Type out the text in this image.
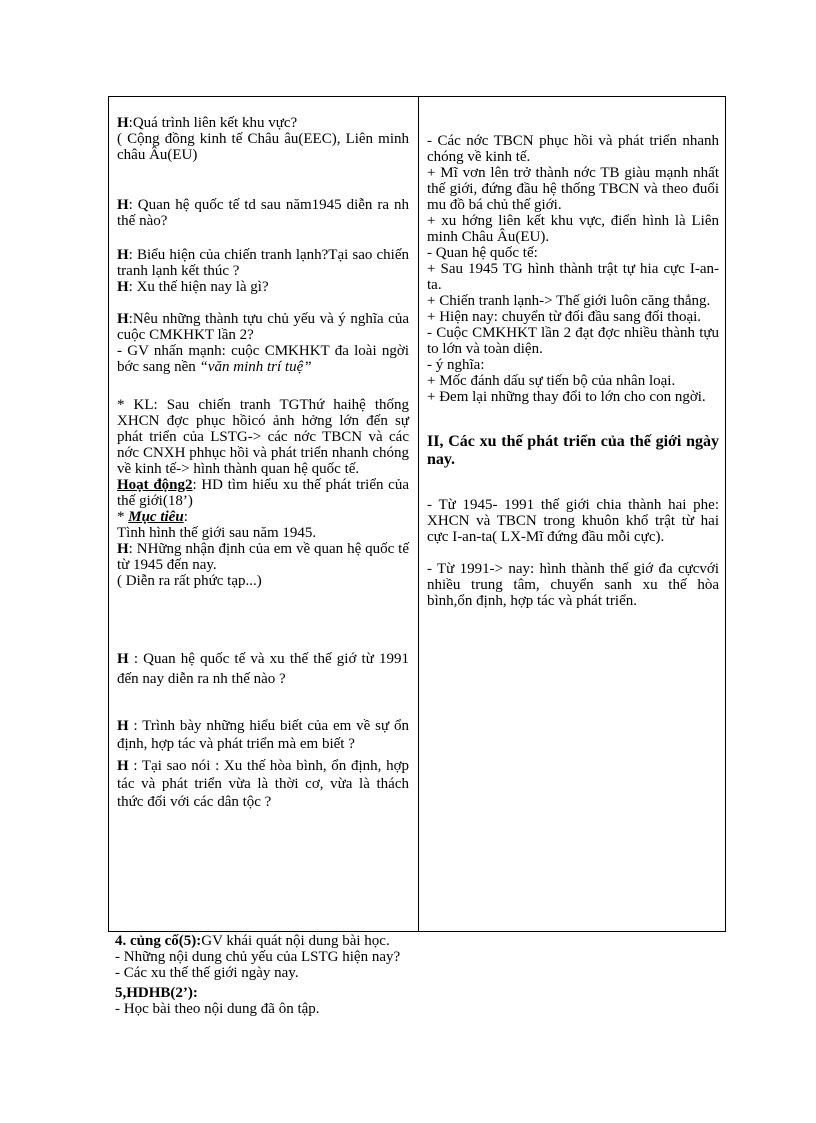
H:Quá trình liên kết khu vực?

( Cộng đồng kinh tế Châu âu(EEC), Liên minh châu Âu(EU)

H: Quan hệ quốc tế td sau năm1945 diễn ra nh thế nào?

H: Biểu hiện của chiến tranh lạnh?Tại sao chiến tranh lạnh kết thúc ?

H: Xu thế hiện nay là gì?

H:Nêu những thành tựu chủ yếu và ý nghĩa của cuộc CMKHKT lần 2?

- GV nhấn mạnh: cuộc CMKHKT đa loài ngời bớc sang nền “văn minh trí tuệ”

* KL: Sau chiến tranh TGThứ haihệ thống XHCN đợc phục hồicó ảnh hởng lớn đến sự phát triển của LSTG-> các nớc TBCN và các nớc CNXH phhục hồi và phát triển nhanh chóng về kinh tế-> hình thành quan hệ quốc tế.

Hoạt động2: HD tìm hiểu xu thế phát triển của thế giới(18’)

* Mục tiêu:

Tình hình thế giới sau năm 1945.

H: NHững nhận định của em về quan hệ quốc tế từ 1945 đến nay.

( Diễn ra rất phức tạp...)

H : Quan hệ quốc tế và xu thế thế giớ từ 1991 đến nay diễn ra nh thế nào ?

H : Trình bày những hiểu biết của em về sự ổn định, hợp tác và phát triển mà em biết ?

H : Tại sao nói : Xu thế hòa bình, ổn định, hợp tác và phát triển vừa là thời cơ, vừa là thách thức đối với các dân tộc ?

- Các nớc TBCN phục hồi và phát triển nhanh chóng về kinh tế.

+ Mĩ vơn lên trở thành nớc TB giàu mạnh nhất thế giới, đứng đầu hệ thống TBCN và theo đuổi mu đồ bá chủ thế giới.

+ xu hớng liên kết khu vực, điển hình là Liên minh Châu Âu(EU).

- Quan hệ quốc tế:

+ Sau 1945 TG hình thành trật tự hia cực I-an-ta.

+ Chiến tranh lạnh-> Thế giới luôn căng thẳng.

+ Hiện nay: chuyển từ đối đầu sang đối thoại.

- Cuộc CMKHKT lần 2 đạt đợc nhiều thành tựu to lớn và toàn diện.

- ý nghĩa:

+ Mốc đánh dấu sự tiến bộ của nhân loại.

+ Đem lại những thay đổi to lớn cho con ngời.

II, Các xu thế phát triển của thế giới ngày nay.

- Từ 1945- 1991 thế giới chia thành hai phe: XHCN và TBCN trong khuôn khổ trật từ hai cực I-an-ta( LX-Mĩ đứng đầu mỗi cực).

- Từ 1991-> nay: hình thành thế giớ đa cựcvới nhiều trung tâm, chuyển sanh xu thế hòa bình,ổn định, hợp tác và phát triển.

4. củng cố(5):GV khái quát nội dung bài học.

- Những nội dung chủ yếu của LSTG hiện nay?

- Các xu thế thế giới ngày nay.

5,HDHB(2’):

- Học bài theo nội dung đã ôn tập.
